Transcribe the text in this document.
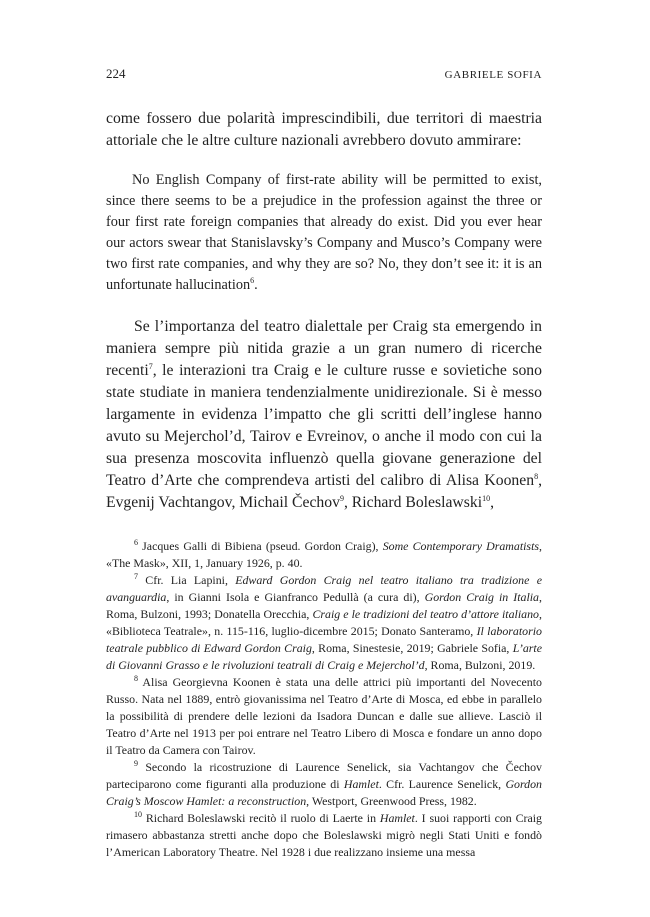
224	GABRIELE SOFIA

come fossero due polarità imprescindibili, due territori di maestria attoriale che le altre culture nazionali avrebbero dovuto ammirare:

No English Company of first-rate ability will be permitted to exist, since there seems to be a prejudice in the profession against the three or four first rate foreign companies that already do exist. Did you ever hear our actors swear that Stanislavsky’s Company and Musco’s Company were two first rate companies, and why they are so? No, they don’t see it: it is an unfortunate hallucination$^6$.

Se l’importanza del teatro dialettale per Craig sta emergendo in maniera sempre più nitida grazie a un gran numero di ricerche recenti$^7$, le interazioni tra Craig e le culture russe e sovietiche sono state studiate in maniera tendenzialmente unidirezionale. Si è messo largamente in evidenza l’impatto che gli scritti dell’inglese hanno avuto su Mejerchol’d, Tairov e Evreinov, o anche il modo con cui la sua presenza moscovita influenzò quella giovane generazione del Teatro d’Arte che comprendeva artisti del calibro di Alisa Koonen$^8$, Evgenij Vachtangov, Michail Čechov$^9$, Richard Boleslawski$^{10}$,

$^6$ Jacques Galli di Bibiena (pseud. Gordon Craig), Some Contemporary Dramatists, «The Mask», XII, 1, January 1926, p. 40.

$^7$ Cfr. Lia Lapini, Edward Gordon Craig nel teatro italiano tra tradizione e avanguardia, in Gianni Isola e Gianfranco Pedullà (a cura di), Gordon Craig in Italia, Roma, Bulzoni, 1993; Donatella Orecchia, Craig e le tradizioni del teatro d’attore italiano, «Biblioteca Teatrale», n. 115-116, luglio-dicembre 2015; Donato Santeramo, Il laboratorio teatrale pubblico di Edward Gordon Craig, Roma, Sinestesie, 2019; Gabriele Sofia, L’arte di Giovanni Grasso e le rivoluzioni teatrali di Craig e Mejerchol’d, Roma, Bulzoni, 2019.

$^8$ Alisa Georgievna Koonen è stata una delle attrici più importanti del Novecento Russo. Nata nel 1889, entrò giovanissima nel Teatro d’Arte di Mosca, ed ebbe in parallelo la possibilità di prendere delle lezioni da Isadora Duncan e dalle sue allieve. Lasciò il Teatro d’Arte nel 1913 per poi entrare nel Teatro Libero di Mosca e fondare un anno dopo il Teatro da Camera con Tairov.

$^9$ Secondo la ricostruzione di Laurence Senelick, sia Vachtangov che Čechov parteciparono come figuranti alla produzione di Hamlet. Cfr. Laurence Senelick, Gordon Craig’s Moscow Hamlet: a reconstruction, Westport, Greenwood Press, 1982.

$^{10}$ Richard Boleslawski recitò il ruolo di Laerte in Hamlet. I suoi rapporti con Craig rimasero abbastanza stretti anche dopo che Boleslawski migrò negli Stati Uniti e fondò l’American Laboratory Theatre. Nel 1928 i due realizzano insieme una messa
